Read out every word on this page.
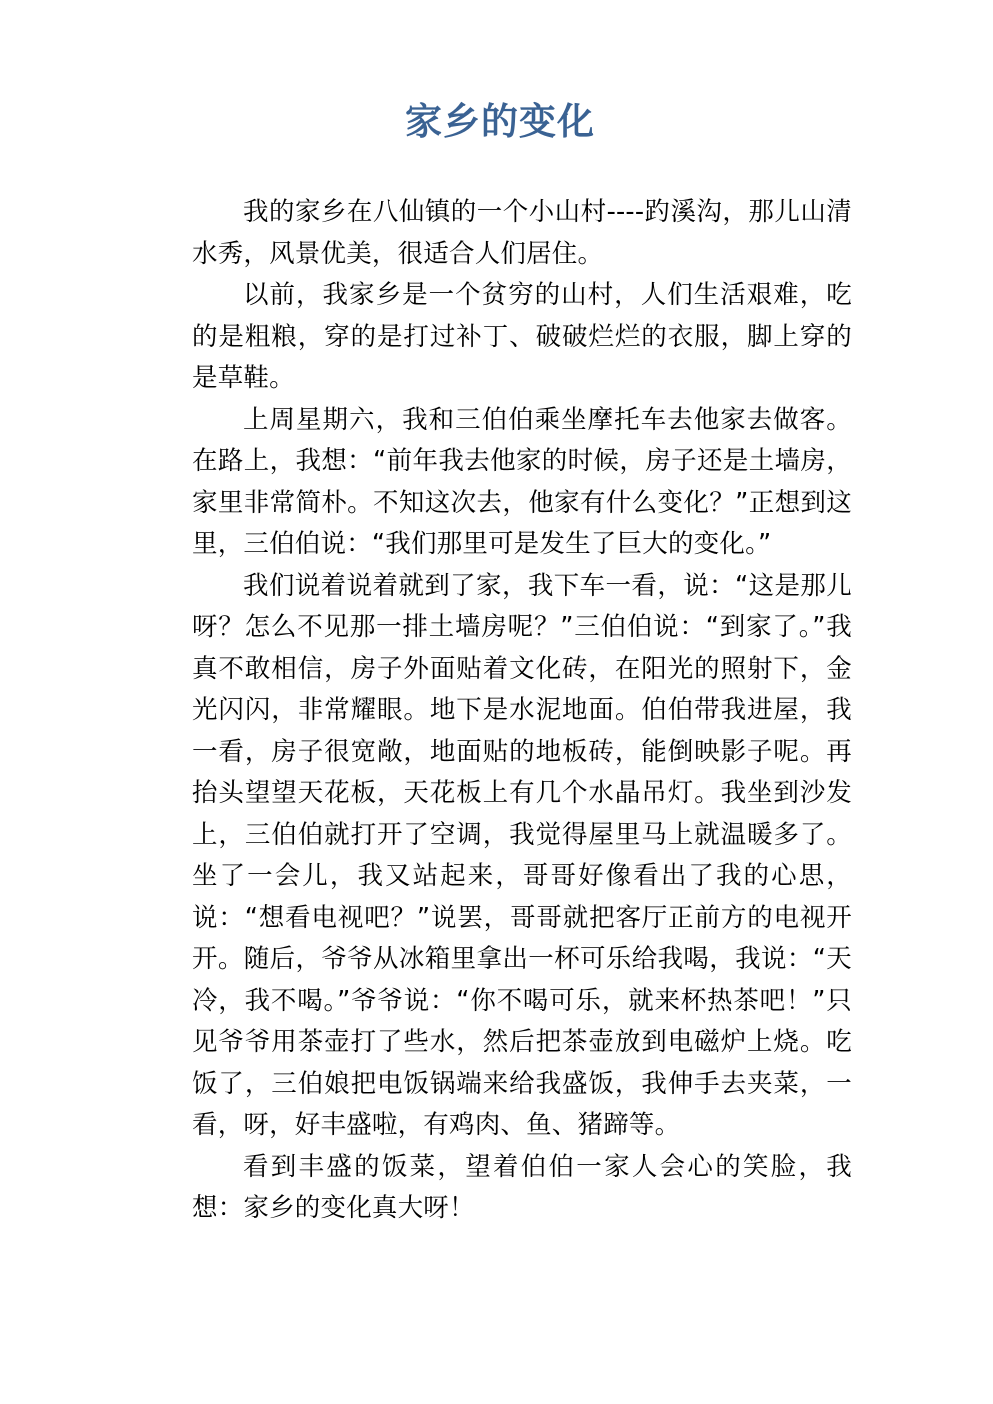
家乡的变化

我的家乡在八仙镇的一个小山村----趵溪沟，那儿山清水秀，风景优美，很适合人们居住。

以前，我家乡是一个贫穷的山村，人们生活艰难，吃的是粗粮，穿的是打过补丁、破破烂烂的衣服，脚上穿的是草鞋。

上周星期六，我和三伯伯乘坐摩托车去他家去做客。在路上，我想：“前年我去他家的时候，房子还是土墙房，家里非常简朴。不知这次去，他家有什么变化？”正想到这里，三伯伯说：“我们那里可是发生了巨大的变化。”

我们说着说着就到了家，我下车一看，说：“这是那儿呀？怎么不见那一排土墙房呢？”三伯伯说：“到家了。”我真不敢相信，房子外面贴着文化砖，在阳光的照射下，金光闪闪，非常耀眼。地下是水泥地面。伯伯带我进屋，我一看，房子很宽敞，地面贴的地板砖，能倒映影子呢。再抬头望望天花板，天花板上有几个水晶吊灯。我坐到沙发上，三伯伯就打开了空调，我觉得屋里马上就温暖多了。坐了一会儿，我又站起来，哥哥好像看出了我的心思，说：“想看电视吧？”说罢，哥哥就把客厅正前方的电视开开。随后，爷爷从冰箱里拿出一杯可乐给我喝，我说：“天冷，我不喝。”爷爷说：“你不喝可乐，就来杯热茶吧！”只见爷爷用茶壶打了些水，然后把茶壶放到电磁炉上烧。吃饭了，三伯娘把电饭锅端来给我盛饭，我伸手去夹菜，一看，呀，好丰盛啦，有鸡肉、鱼、猪蹄等。

看到丰盛的饭菜，望着伯伯一家人会心的笑脸，我想：家乡的变化真大呀！
